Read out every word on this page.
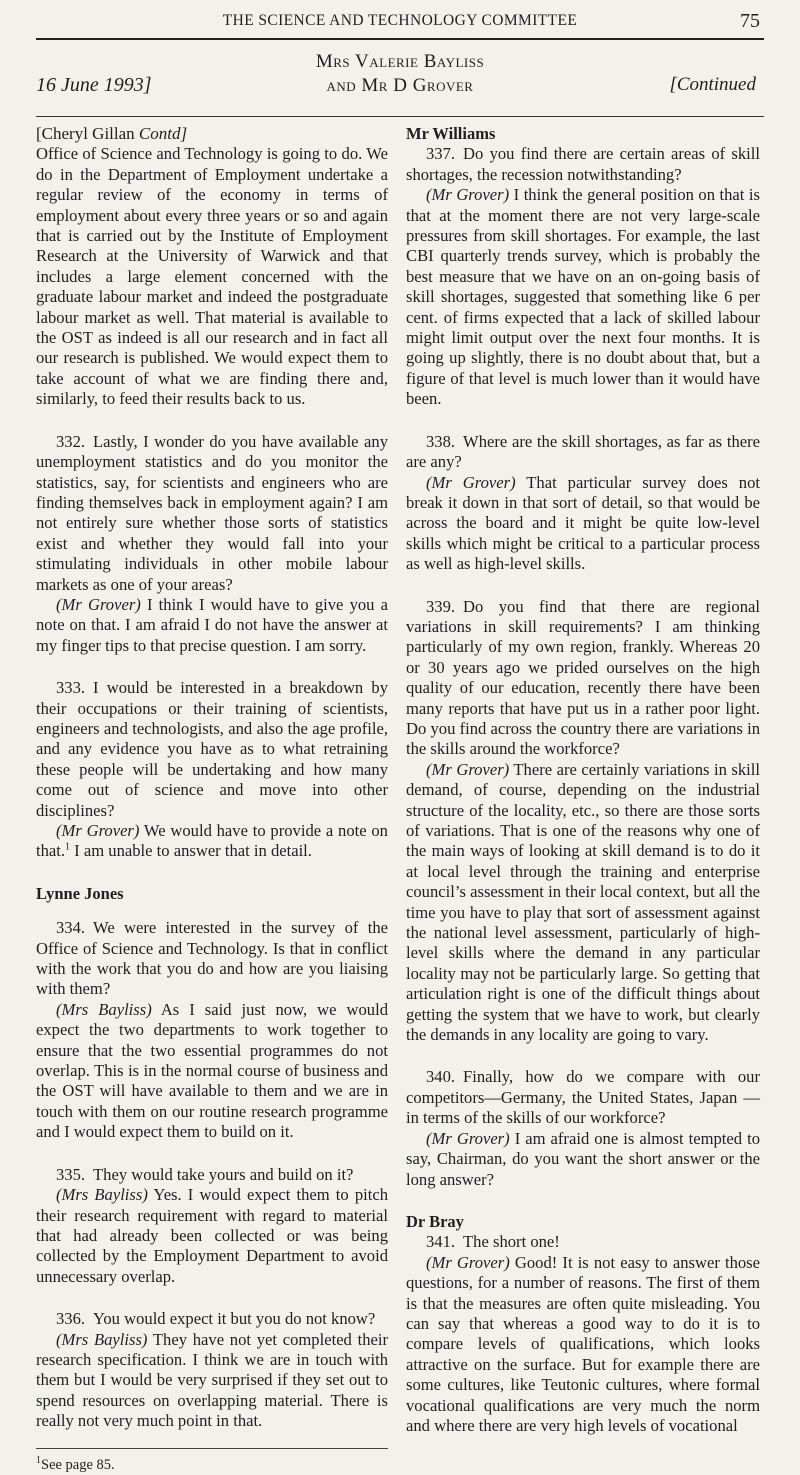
THE SCIENCE AND TECHNOLOGY COMMITTEE	75
16 June 1993]
Mrs Valerie Bayliss
and Mr D Grover	[Continued

[Cheryl Gillan Contd]

Office of Science and Technology is going to do. We do in the Department of Employment undertake a regular review of the economy in terms of employment about every three years or so and again that is carried out by the Institute of Employment Research at the University of Warwick and that includes a large element concerned with the graduate labour market and indeed the postgraduate labour market as well. That material is available to the OST as indeed is all our research and in fact all our research is published. We would expect them to take account of what we are finding there and, similarly, to feed their results back to us.

332. Lastly, I wonder do you have available any unemployment statistics and do you monitor the statistics, say, for scientists and engineers who are finding themselves back in employment again? I am not entirely sure whether those sorts of statistics exist and whether they would fall into your stimulating individuals in other mobile labour markets as one of your areas?

(Mr Grover) I think I would have to give you a note on that. I am afraid I do not have the answer at my finger tips to that precise question. I am sorry.

333. I would be interested in a breakdown by their occupations or their training of scientists, engineers and technologists, and also the age profile, and any evidence you have as to what retraining these people will be undertaking and how many come out of science and move into other disciplines?

(Mr Grover) We would have to provide a note on that.$^1$ I am unable to answer that in detail.

Lynne Jones

334. We were interested in the survey of the Office of Science and Technology. Is that in conflict with the work that you do and how are you liaising with them?

(Mrs Bayliss) As I said just now, we would expect the two departments to work together to ensure that the two essential programmes do not overlap. This is in the normal course of business and the OST will have available to them and we are in touch with them on our routine research programme and I would expect them to build on it.

335. They would take yours and build on it?

(Mrs Bayliss) Yes. I would expect them to pitch their research requirement with regard to material that had already been collected or was being collected by the Employment Department to avoid unnecessary overlap.

336. You would expect it but you do not know?

(Mrs Bayliss) They have not yet completed their research specification. I think we are in touch with them but I would be very surprised if they set out to spend resources on overlapping material. There is really not very much point in that.

$^1$See page 85.

Mr Williams

337. Do you find there are certain areas of skill shortages, the recession notwithstanding?

(Mr Grover) I think the general position on that is that at the moment there are not very large-scale pressures from skill shortages. For example, the last CBI quarterly trends survey, which is probably the best measure that we have on an on-going basis of skill shortages, suggested that something like 6 per cent. of firms expected that a lack of skilled labour might limit output over the next four months. It is going up slightly, there is no doubt about that, but a figure of that level is much lower than it would have been.

338. Where are the skill shortages, as far as there are any?

(Mr Grover) That particular survey does not break it down in that sort of detail, so that would be across the board and it might be quite low-level skills which might be critical to a particular process as well as high-level skills.

339. Do you find that there are regional variations in skill requirements? I am thinking particularly of my own region, frankly. Whereas 20 or 30 years ago we prided ourselves on the high quality of our education, recently there have been many reports that have put us in a rather poor light. Do you find across the country there are variations in the skills around the workforce?

(Mr Grover) There are certainly variations in skill demand, of course, depending on the industrial structure of the locality, etc., so there are those sorts of variations. That is one of the reasons why one of the main ways of looking at skill demand is to do it at local level through the training and enterprise council’s assessment in their local context, but all the time you have to play that sort of assessment against the national level assessment, particularly of high-level skills where the demand in any particular locality may not be particularly large. So getting that articulation right is one of the difficult things about getting the system that we have to work, but clearly the demands in any locality are going to vary.

340. Finally, how do we compare with our competitors—Germany, the United States, Japan —in terms of the skills of our workforce?

(Mr Grover) I am afraid one is almost tempted to say, Chairman, do you want the short answer or the long answer?

Dr Bray

341. The short one!

(Mr Grover) Good! It is not easy to answer those questions, for a number of reasons. The first of them is that the measures are often quite misleading. You can say that whereas a good way to do it is to compare levels of qualifications, which looks attractive on the surface. But for example there are some cultures, like Teutonic cultures, where formal vocational qualifications are very much the norm and where there are very high levels of vocational
